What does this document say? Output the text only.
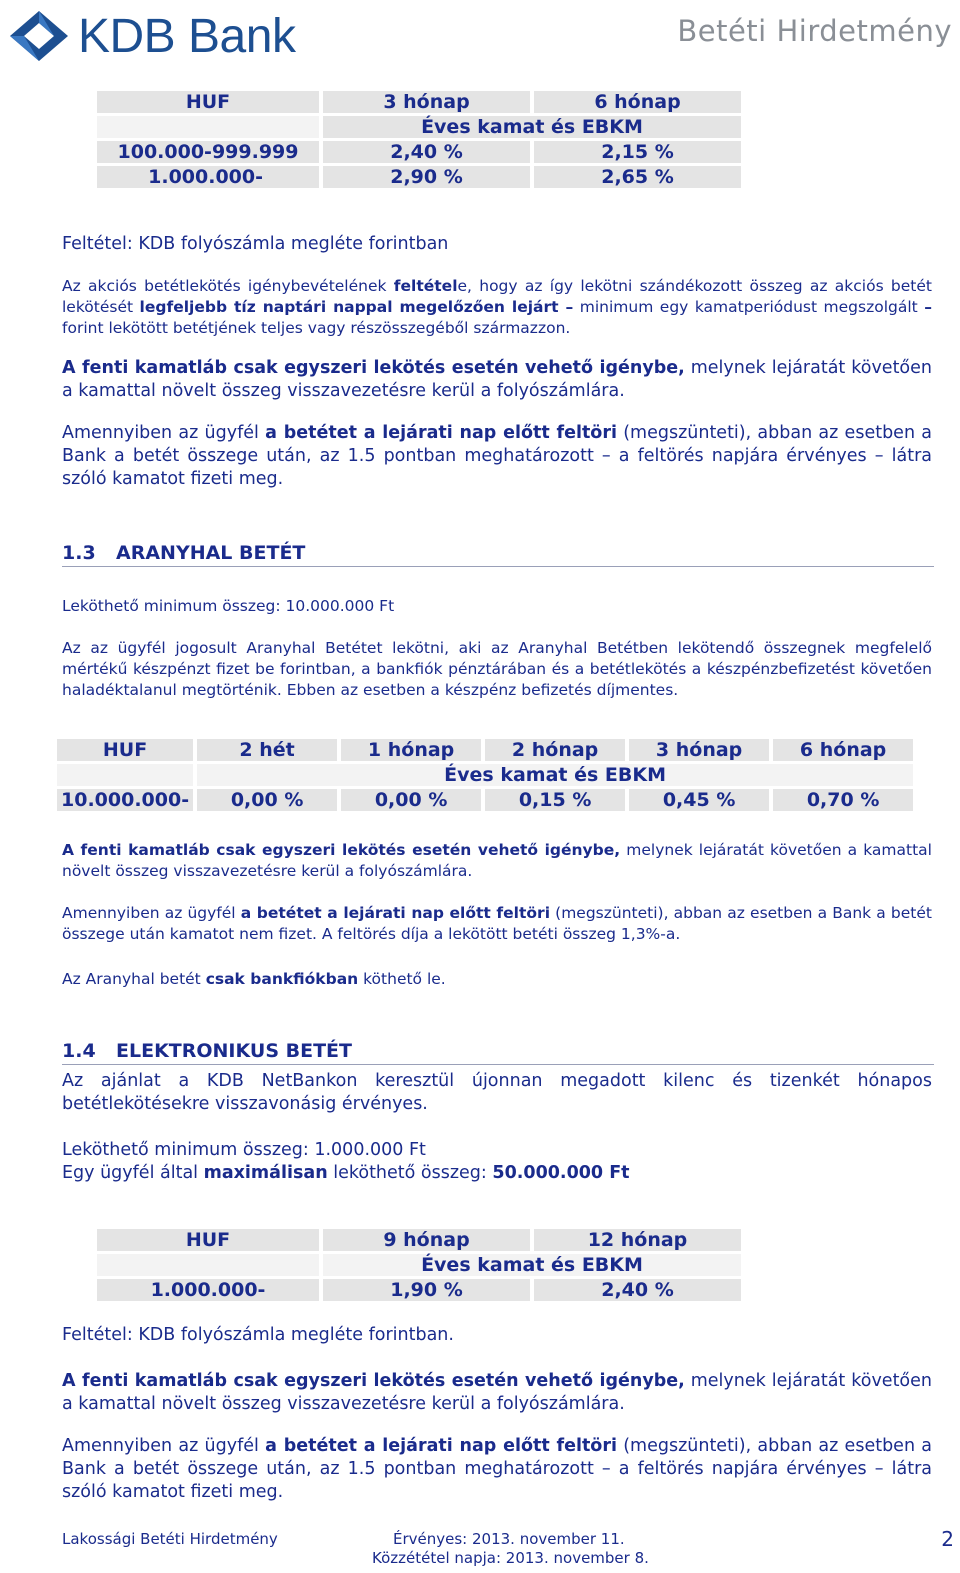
KDB Bank	Betéti Hirdetmény
HUF	3 hónap	6 hónap
	Éves kamat és EBKM	
100.000-999.999	2,40 %	2,15 %
1.000.000-	2,90 %	2,65 %
Feltétel: KDB folyószámla megléte forintban
Az akciós betétlekötés igénybevételének feltétele, hogy az így lekötni szándékozott összeg az akciós betét lekötését legfeljebb tíz naptári nappal megelőzően lejárt – minimum egy kamatperiódust megszolgált – forint lekötött betétjének teljes vagy részösszegéből származzon.
A fenti kamatláb csak egyszeri lekötés esetén vehető igénybe, melynek lejáratát követően a kamattal növelt összeg visszavezetésre kerül a folyószámlára.
Amennyiben az ügyfél a betétet a lejárati nap előtt feltöri (megszünteti), abban az esetben a Bank a betét összege után, az 1.5 pontban meghatározott – a feltörés napjára érvényes – látra szóló kamatot fizeti meg.
1.3 ARANYHAL BETÉT
Leköthető minimum összeg: 10.000.000 Ft
Az az ügyfél jogosult Aranyhal Betétet lekötni, aki az Aranyhal Betétben lekötendő összegnek megfelelő mértékű készpénzt fizet be forintban, a bankfiók pénztárában és a betétlekötés a készpénzbefizetést követően haladéktalanul megtörténik. Ebben az esetben a készpénz befizetés díjmentes.
HUF	2 hét	1 hónap	2 hónap	3 hónap	6 hónap
	Éves kamat és EBKM				
10.000.000-	0,00 %	0,00 %	0,15 %	0,45 %	0,70 %
A fenti kamatláb csak egyszeri lekötés esetén vehető igénybe, melynek lejáratát követően a kamattal növelt összeg visszavezetésre kerül a folyószámlára.
Amennyiben az ügyfél a betétet a lejárati nap előtt feltöri (megszünteti), abban az esetben a Bank a betét összege után kamatot nem fizet. A feltörés díja a lekötött betéti összeg 1,3%-a.
Az Aranyhal betét csak bankfiókban köthető le.
1.4 ELEKTRONIKUS BETÉT
Az ajánlat a KDB NetBankon keresztül újonnan megadott kilenc és tizenkét hónapos betétlekötésekre visszavonásig érvényes.
Leköthető minimum összeg: 1.000.000 Ft
Egy ügyfél által maximálisan leköthető összeg: 50.000.000 Ft
HUF	9 hónap	12 hónap
	Éves kamat és EBKM	
1.000.000-	1,90 %	2,40 %
Feltétel: KDB folyószámla megléte forintban.
A fenti kamatláb csak egyszeri lekötés esetén vehető igénybe, melynek lejáratát követően a kamattal növelt összeg visszavezetésre kerül a folyószámlára.
Amennyiben az ügyfél a betétet a lejárati nap előtt feltöri (megszünteti), abban az esetben a Bank a betét összege után, az 1.5 pontban meghatározott – a feltörés napjára érvényes – látra szóló kamatot fizeti meg.
Lakossági Betéti Hirdetmény	Érvényes: 2013. november 11.
Közzététel napja: 2013. november 8.
2
